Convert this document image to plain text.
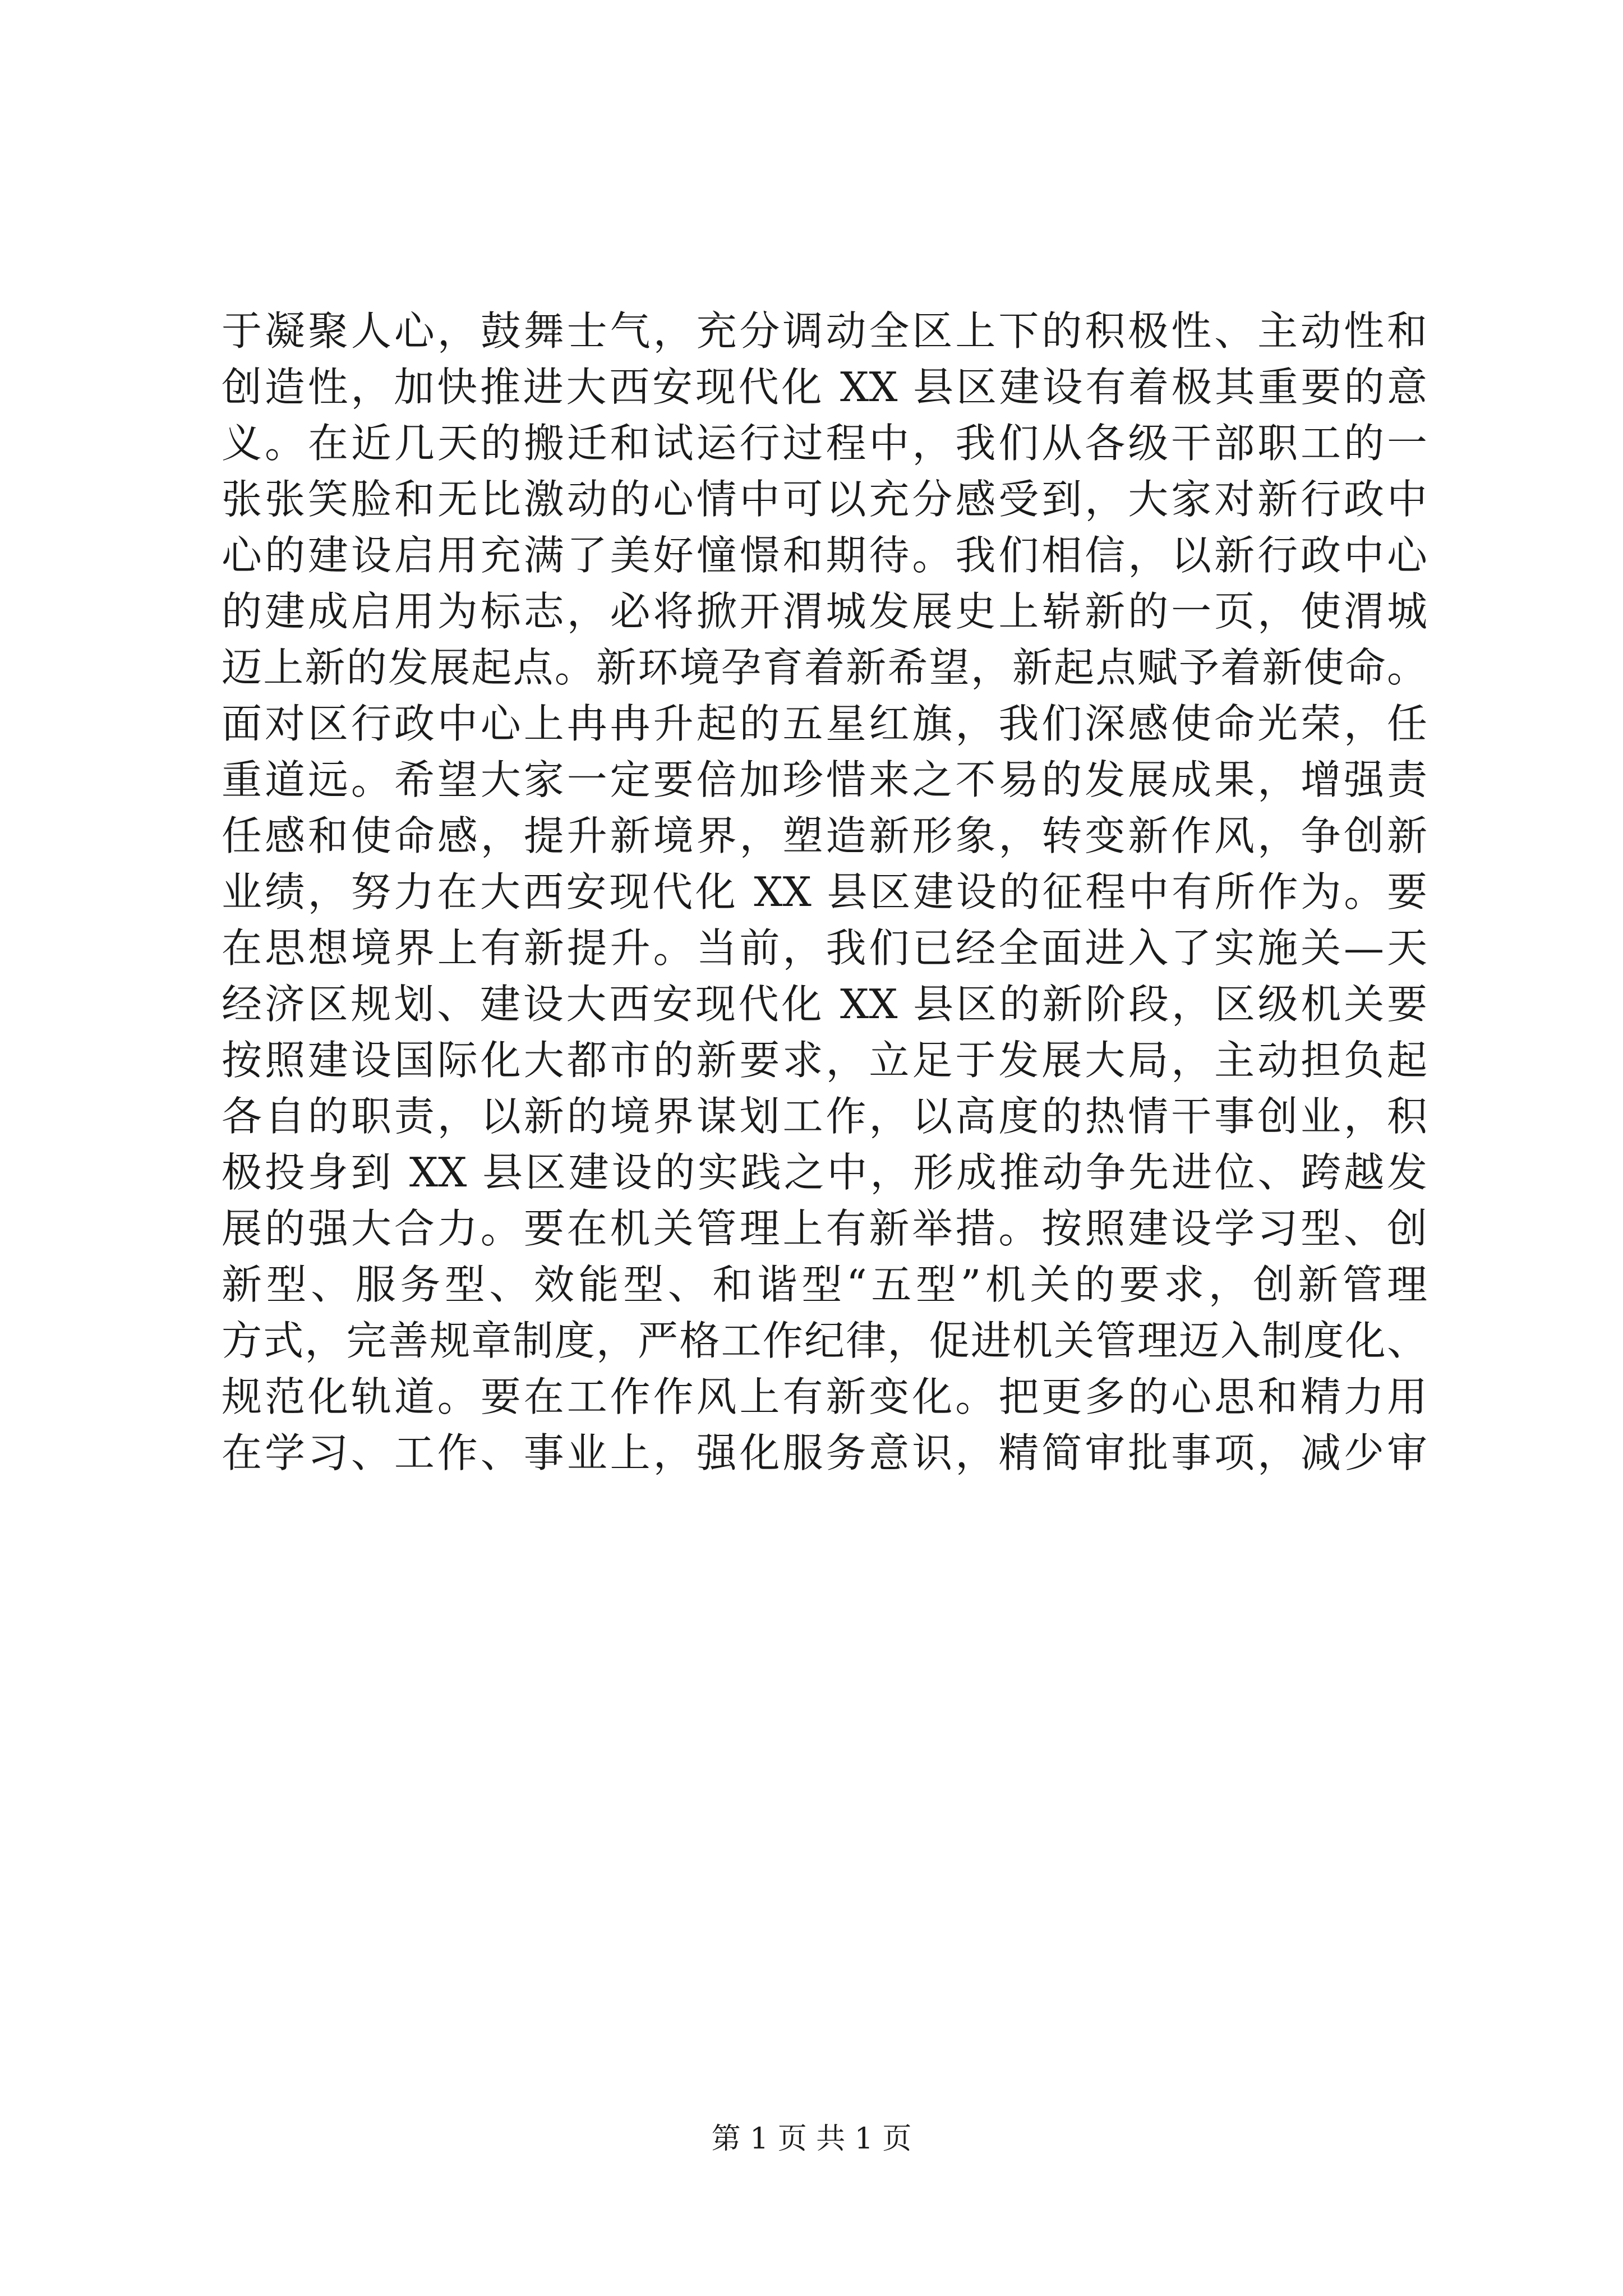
于凝聚人心，鼓舞士气，充分调动全区上下的积极性、主动性和
创造性，加快推进大西安现代化 XX 县区建设有着极其重要的意
义。在近几天的搬迁和试运行过程中，我们从各级干部职工的一
张张笑脸和无比激动的心情中可以充分感受到，大家对新行政中
心的建设启用充满了美好憧憬和期待。我们相信，以新行政中心
的建成启用为标志，必将掀开渭城发展史上崭新的一页，使渭城
迈上新的发展起点。新环境孕育着新希望，新起点赋予着新使命。
面对区行政中心上冉冉升起的五星红旗，我们深感使命光荣，任
重道远。希望大家一定要倍加珍惜来之不易的发展成果，增强责
任感和使命感，提升新境界，塑造新形象，转变新作风，争创新
业绩，努力在大西安现代化 XX 县区建设的征程中有所作为。要
在思想境界上有新提升。当前，我们已经全面进入了实施关—天
经济区规划、建设大西安现代化 XX 县区的新阶段，区级机关要
按照建设国际化大都市的新要求，立足于发展大局，主动担负起
各自的职责，以新的境界谋划工作，以高度的热情干事创业，积
极投身到 XX 县区建设的实践之中，形成推动争先进位、跨越发
展的强大合力。要在机关管理上有新举措。按照建设学习型、创
新型、服务型、效能型、和谐型“五型”机关的要求，创新管理
方式，完善规章制度，严格工作纪律，促进机关管理迈入制度化、
规范化轨道。要在工作作风上有新变化。把更多的心思和精力用
在学习、工作、事业上，强化服务意识，精简审批事项，减少审
第 1 页 共 1 页
